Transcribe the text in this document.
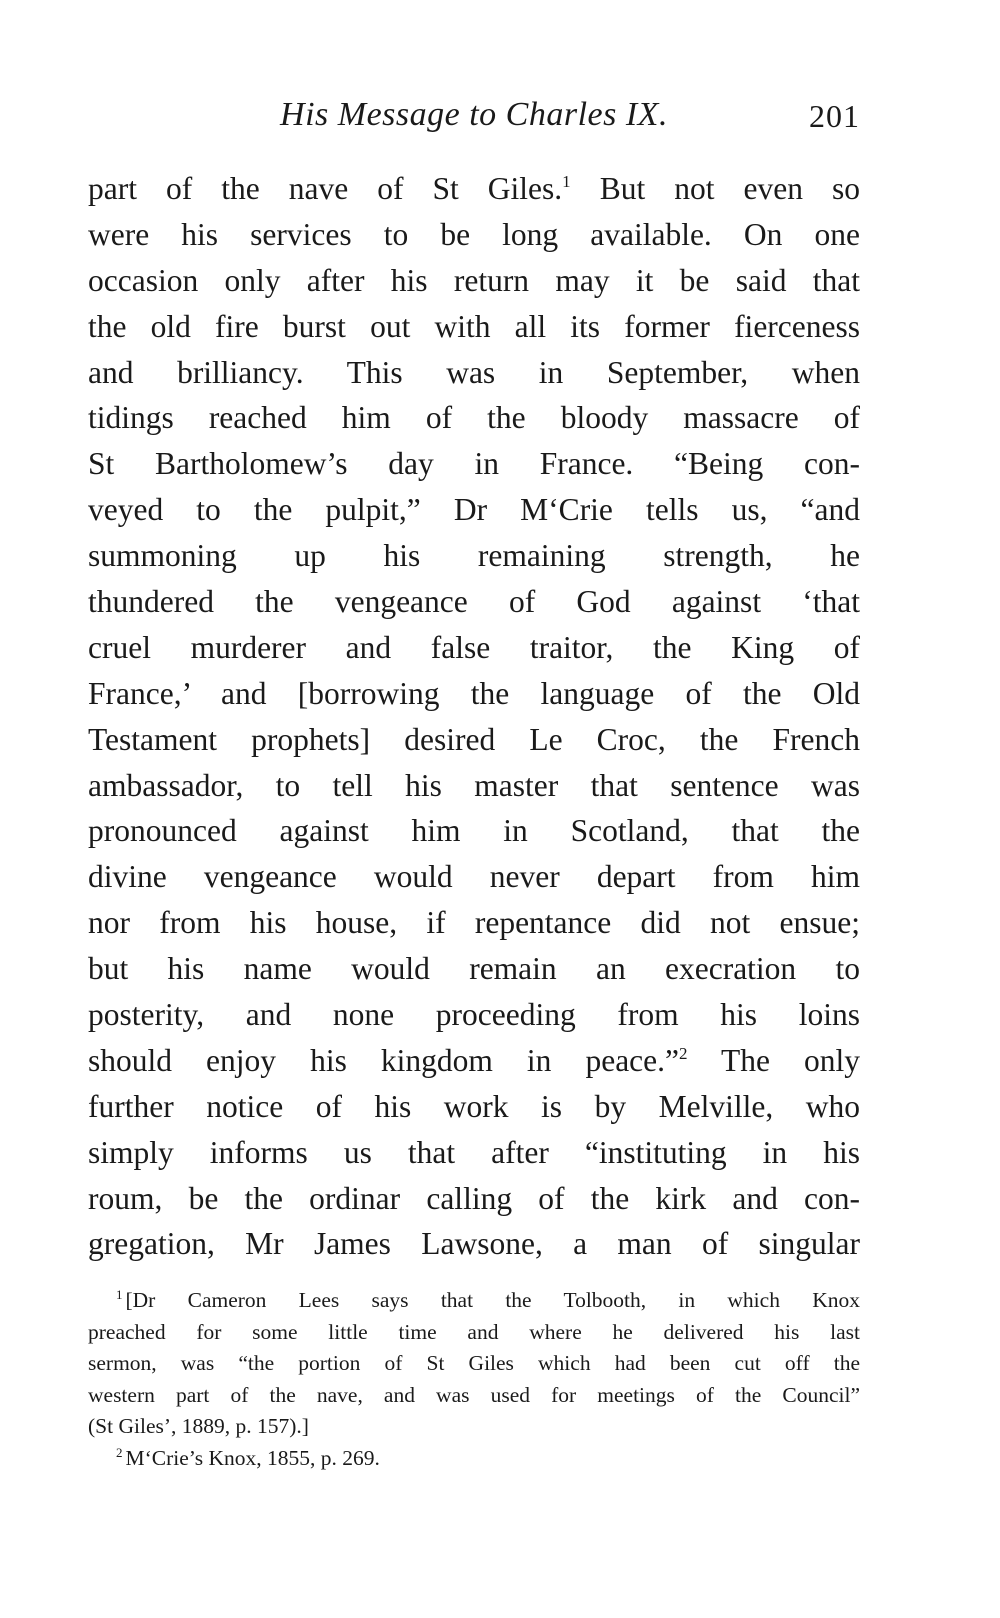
His Message to Charles IX.	201
part of the nave of St Giles.$^1$ But not even so
were his services to be long available. On one
occasion only after his return may it be said that
the old fire burst out with all its former fierceness
and brilliancy. This was in September, when
tidings reached him of the bloody massacre of
St Bartholomew’s day in France. “Being con-
veyed to the pulpit,” Dr M‘Crie tells us, “and
summoning up his remaining strength, he
thundered the vengeance of God against ‘that
cruel murderer and false traitor, the King of
France,’ and [borrowing the language of the Old
Testament prophets] desired Le Croc, the French
ambassador, to tell his master that sentence was
pronounced against him in Scotland, that the
divine vengeance would never depart from him
nor from his house, if repentance did not ensue;
but his name would remain an execration to
posterity, and none proceeding from his loins
should enjoy his kingdom in peace.”$^2$ The only
further notice of his work is by Melville, who
simply informs us that after “instituting in his
roum, be the ordinar calling of the kirk and con-
gregation, Mr James Lawsone, a man of singular
$^1$ [Dr Cameron Lees says that the Tolbooth, in which Knox
preached for some little time and where he delivered his last
sermon, was “the portion of St Giles which had been cut off the
western part of the nave, and was used for meetings of the Council”
(St Giles’, 1889, p. 157).]
$^2$ M‘Crie’s Knox, 1855, p. 269.
